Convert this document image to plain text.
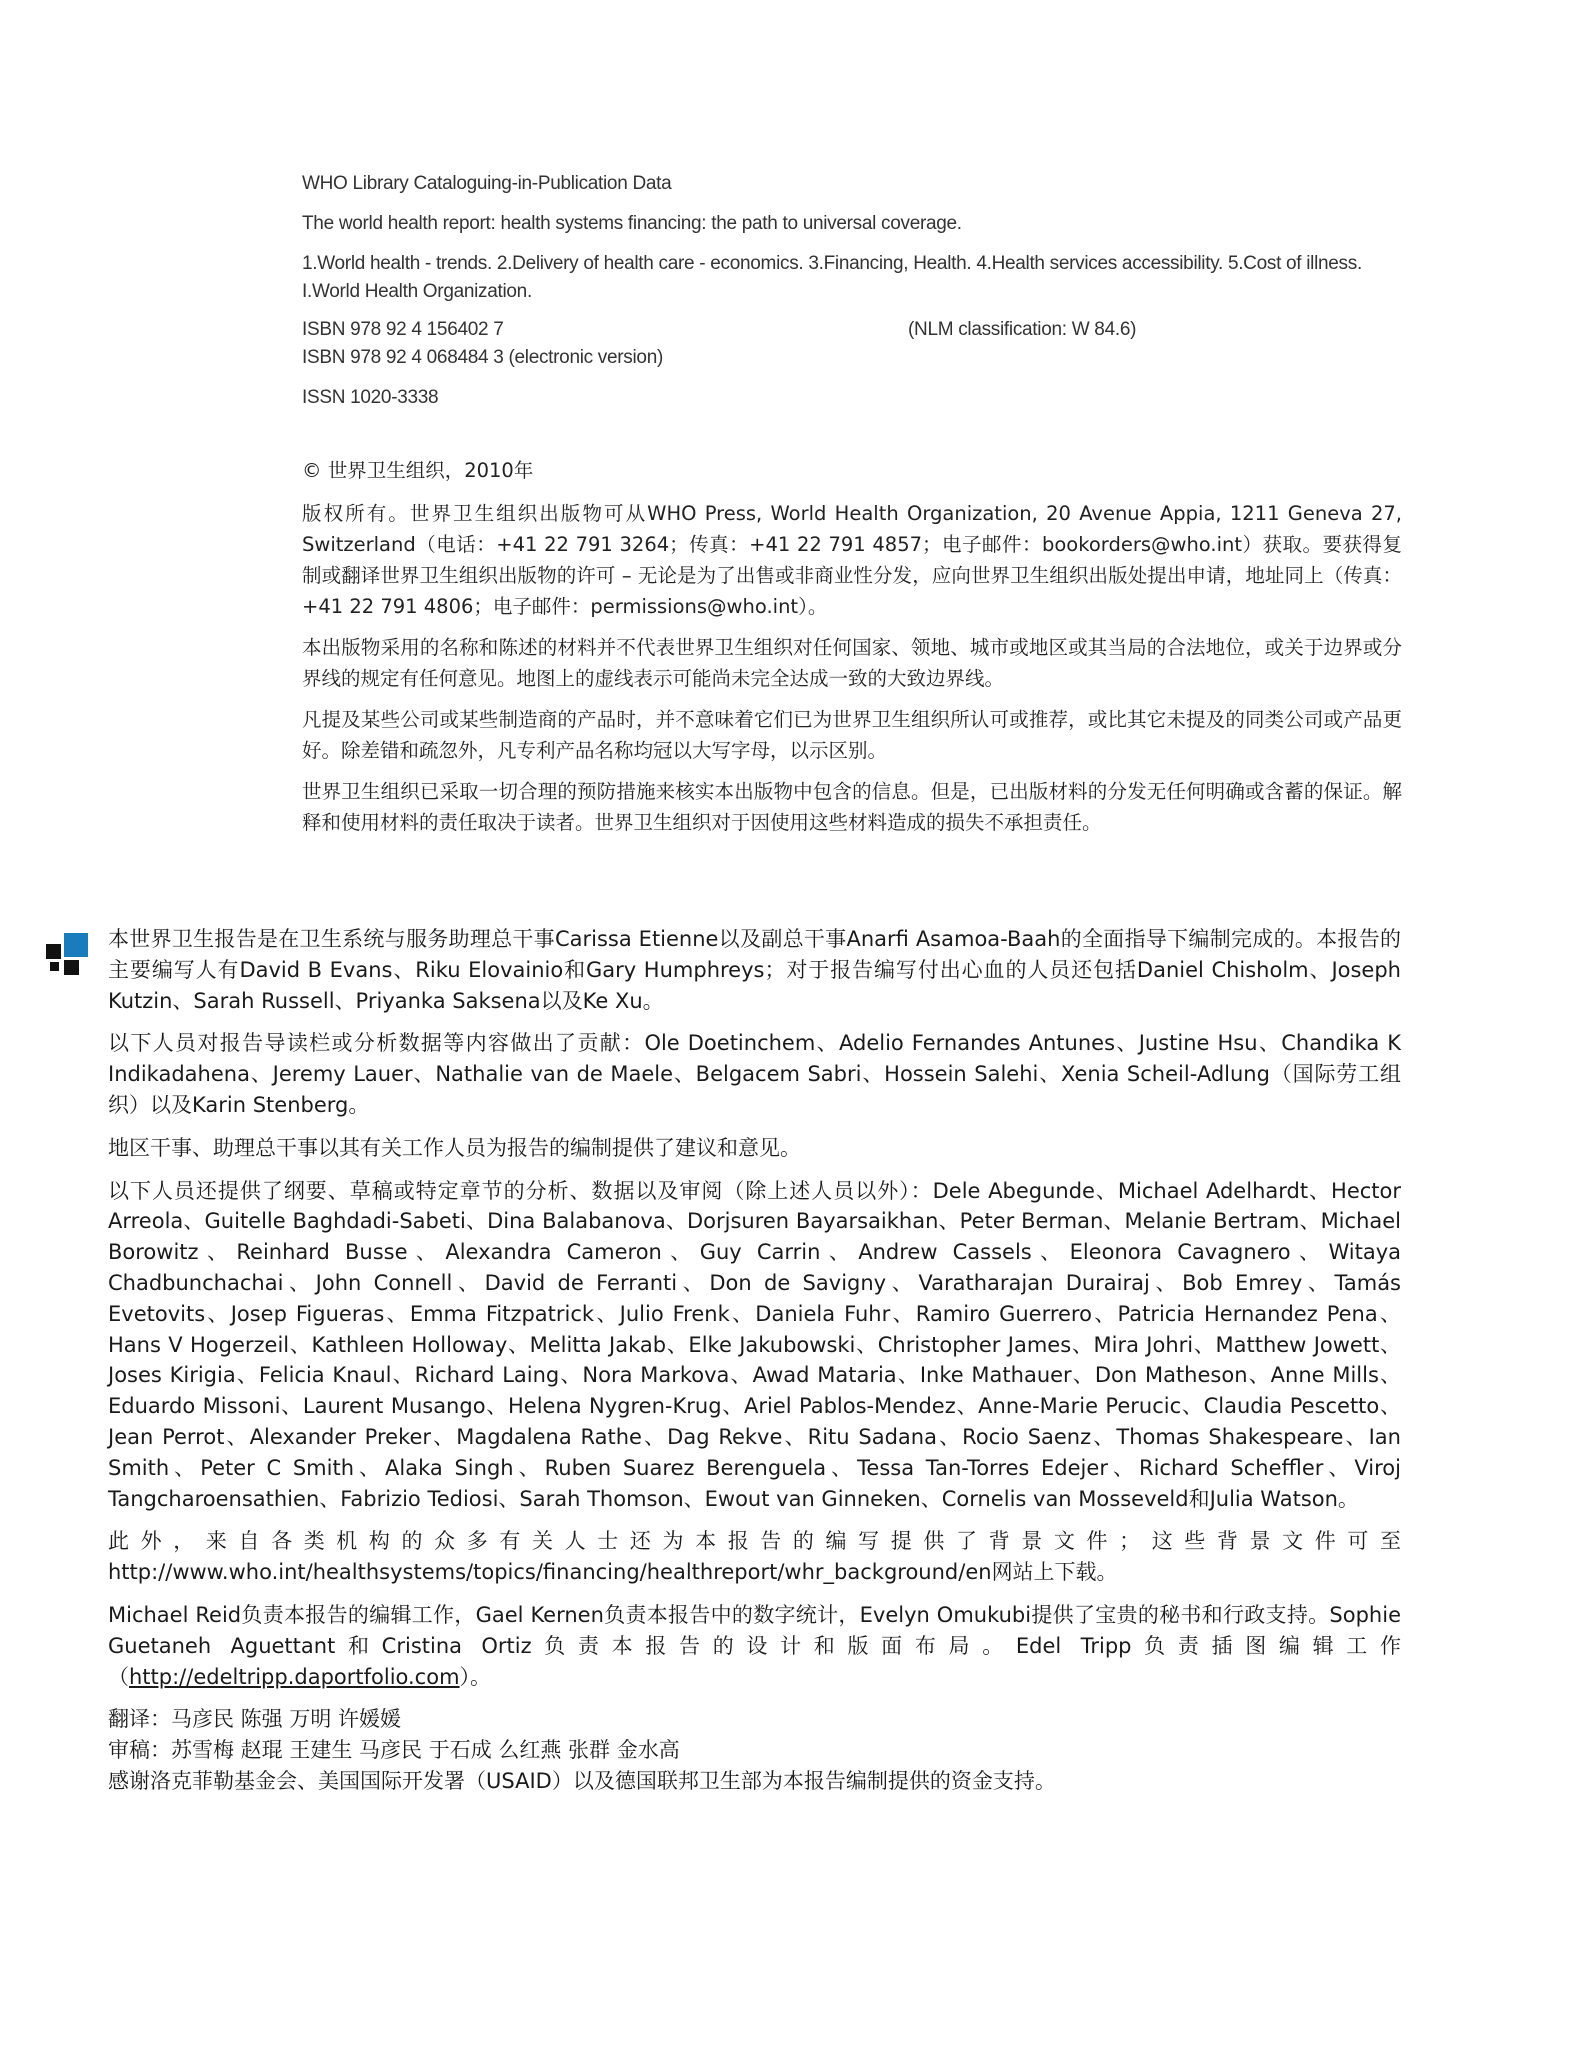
WHO Library Cataloguing-in-Publication Data

The world health report: health systems financing: the path to universal coverage.

1.World health - trends. 2.Delivery of health care - economics. 3.Financing, Health. 4.Health services accessibility. 5.Cost of illness. I.World Health Organization.

ISBN 978 92 4 156402 7	(NLM classification: W 84.6)

ISBN 978 92 4 068484 3 (electronic version)

ISSN 1020-3338

© 世界卫生组织，2010年

版权所有。世界卫生组织出版物可从WHO Press, World Health Organization, 20 Avenue Appia, 1211 Geneva 27, Switzerland（电话：+41 22 791 3264；传真：+41 22 791 4857；电子邮件：bookorders@who.int）获取。要获得复制或翻译世界卫生组织出版物的许可 – 无论是为了出售或非商业性分发，应向世界卫生组织出版处提出申请，地址同上（传真：+41 22 791 4806；电子邮件：permissions@who.int）。

本出版物采用的名称和陈述的材料并不代表世界卫生组织对任何国家、领地、城市或地区或其当局的合法地位，或关于边界或分界线的规定有任何意见。地图上的虚线表示可能尚未完全达成一致的大致边界线。

凡提及某些公司或某些制造商的产品时，并不意味着它们已为世界卫生组织所认可或推荐，或比其它未提及的同类公司或产品更好。除差错和疏忽外，凡专利产品名称均冠以大写字母，以示区别。

世界卫生组织已采取一切合理的预防措施来核实本出版物中包含的信息。但是，已出版材料的分发无任何明确或含蓄的保证。解释和使用材料的责任取决于读者。世界卫生组织对于因使用这些材料造成的损失不承担责任。

本世界卫生报告是在卫生系统与服务助理总干事Carissa Etienne以及副总干事Anarfi Asamoa-Baah的全面指导下编制完成的。本报告的主要编写人有David B Evans、Riku Elovainio和Gary Humphreys；对于报告编写付出心血的人员还包括Daniel Chisholm、Joseph Kutzin、Sarah Russell、Priyanka Saksena以及Ke Xu。

以下人员对报告导读栏或分析数据等内容做出了贡献：Ole Doetinchem、Adelio Fernandes Antunes、Justine Hsu、Chandika K Indikadahena、Jeremy Lauer、Nathalie van de Maele、Belgacem Sabri、Hossein Salehi、Xenia Scheil-Adlung（国际劳工组织）以及Karin Stenberg。

地区干事、助理总干事以其有关工作人员为报告的编制提供了建议和意见。

以下人员还提供了纲要、草稿或特定章节的分析、数据以及审阅（除上述人员以外）：Dele Abegunde、Michael Adelhardt、Hector Arreola、Guitelle Baghdadi-Sabeti、Dina Balabanova、Dorjsuren Bayarsaikhan、Peter Berman、Melanie Bertram、Michael Borowitz、Reinhard Busse、Alexandra Cameron、Guy Carrin、Andrew Cassels、Eleonora Cavagnero、Witaya Chadbunchachai、John Connell、David de Ferranti、Don de Savigny、Varatharajan Durairaj、Bob Emrey、Tamás Evetovits、Josep Figueras、Emma Fitzpatrick、Julio Frenk、Daniela Fuhr、Ramiro Guerrero、Patricia Hernandez Pena、Hans V Hogerzeil、Kathleen Holloway、Melitta Jakab、Elke Jakubowski、Christopher James、Mira Johri、Matthew Jowett、Joses Kirigia、Felicia Knaul、Richard Laing、Nora Markova、Awad Mataria、Inke Mathauer、Don Matheson、Anne Mills、Eduardo Missoni、Laurent Musango、Helena Nygren-Krug、Ariel Pablos-Mendez、Anne-Marie Perucic、Claudia Pescetto、Jean Perrot、Alexander Preker、Magdalena Rathe、Dag Rekve、Ritu Sadana、Rocio Saenz、Thomas Shakespeare、Ian Smith、Peter C Smith、Alaka Singh、Ruben Suarez Berenguela、Tessa Tan-Torres Edejer、Richard Scheffler、Viroj Tangcharoensathien、Fabrizio Tediosi、Sarah Thomson、Ewout van Ginneken、Cornelis van Mosseveld和Julia Watson。

此外，来自各类机构的众多有关人士还为本报告的编写提供了背景文件；这些背景文件可至http://www.who.int/healthsystems/topics/financing/healthreport/whr_background/en网站上下载。

Michael Reid负责本报告的编辑工作，Gael Kernen负责本报告中的数字统计，Evelyn Omukubi提供了宝贵的秘书和行政支持。Sophie Guetaneh Aguettant和Cristina Ortiz负责本报告的设计和版面布局。Edel Tripp负责插图编辑工作（http://edeltripp.daportfolio.com）。

翻译：马彦民 陈强 万明 许媛媛

审稿：苏雪梅 赵琨 王建生 马彦民 于石成 么红燕 张群 金水高

感谢洛克菲勒基金会、美国国际开发署（USAID）以及德国联邦卫生部为本报告编制提供的资金支持。
